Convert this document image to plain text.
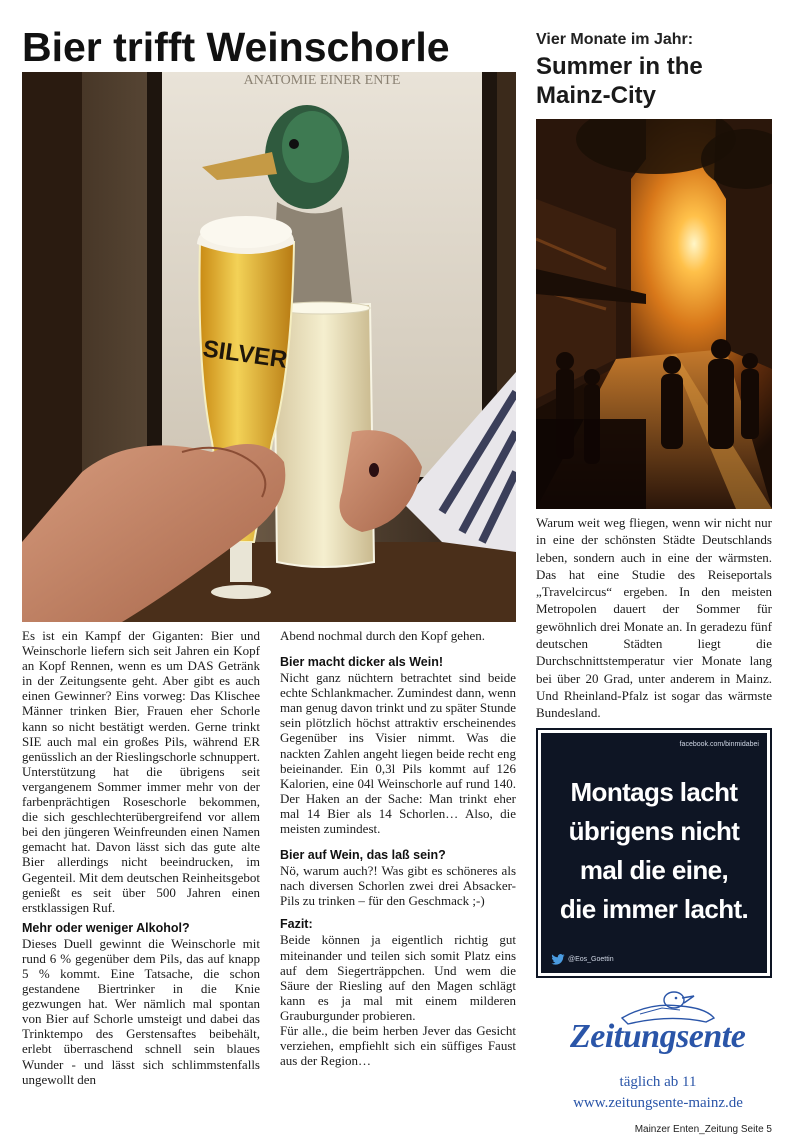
Bier trifft Weinschorle
ANATOMIE EINER ENTE
SILVER

Es ist ein Kampf der Giganten: Bier und Weinschorle liefern sich seit Jahren ein Kopf an Kopf Rennen, wenn es um DAS Getränk in der Zeitungsente geht. Aber gibt es auch einen Gewinner? Eins vorweg: Das Klischee Männer trinken Bier, Frauen eher Schorle kann so nicht bestätigt werden. Gerne trinkt SIE auch mal ein großes Pils, während ER genüsslich an der Rieslingschorle schnuppert. Unterstützung hat die übrigens seit vergangenem Sommer immer mehr von der farbenprächtigen Roseschorle bekommen, die sich geschlechterübergreifend vor allem bei den jüngeren Weinfreunden einen Namen gemacht hat. Davon lässt sich das gute alte Bier allerdings nicht beeindrucken, im Gegenteil. Mit dem deutschen Reinheitsgebot genießt es seit über 500 Jahren einen erstklassigen Ruf.

Mehr oder weniger Alkohol?

Dieses Duell gewinnt die Weinschorle mit rund 6 % gegenüber dem Pils, das auf knapp 5 % kommt. Eine Tatsache, die schon gestandene Biertrinker in die Knie gezwungen hat. Wer nämlich mal spontan von Bier auf Schorle umsteigt und dabei das Trinktempo des Gerstensaftes beibehält, erlebt überraschend schnell sein blaues Wunder - und lässt sich schlimmstenfalls ungewollt den

Abend nochmal durch den Kopf gehen.

Bier macht dicker als Wein!

Nicht ganz nüchtern betrachtet sind beide echte Schlankmacher. Zumindest dann, wenn man genug davon trinkt und zu später Stunde sein plötzlich höchst attraktiv erscheinendes Gegenüber ins Visier nimmt. Was die nackten Zahlen angeht liegen beide recht eng beieinander. Ein 0,3l Pils kommt auf 126 Kalorien, eine 04l Weinschorle auf rund 140. Der Haken an der Sache: Man trinkt eher mal 14 Bier als 14 Schorlen… Also, die meisten zumindest.

Bier auf Wein, das laß sein?

Nö, warum auch?! Was gibt es schöneres als nach diversen Schorlen zwei drei Absacker-Pils zu trinken – für den Geschmack ;-)

Fazit:

Beide können ja eigentlich richtig gut miteinander und teilen sich somit Platz eins auf dem Siegerträppchen. Und wem die Säure der Riesling auf den Magen schlägt kann es ja mal mit einem milderen Grauburgunder probieren.

Für alle., die beim herben Jever das Gesicht verziehen, empfiehlt sich ein süffiges Faust aus der Region…

Vier Monate im Jahr:
Summer in the Mainz-City
Warum weit weg fliegen, wenn wir nicht nur in eine der schönsten Städte Deutschlands leben, sondern auch in eine der wärmsten. Das hat eine Studie des Reiseportals „Travelcircus“ ergeben. In den meisten Metropolen dauert der Sommer für gewöhnlich drei Monate an. In geradezu fünf deutschen Städten liegt die Durchschnittstemperatur vier Monate lang bei über 20 Grad, unter anderem in Mainz. Und Rheinland-Pfalz ist sogar das wärmste Bundesland.
facebook.com/binmidabei
Montags lacht
übrigens nicht
mal die eine,
die immer lacht.
@Eos_Goettin
Zeitungsente
täglich ab 11
www.zeitungsente-mainz.de
Mainzer Enten_Zeitung Seite 5
